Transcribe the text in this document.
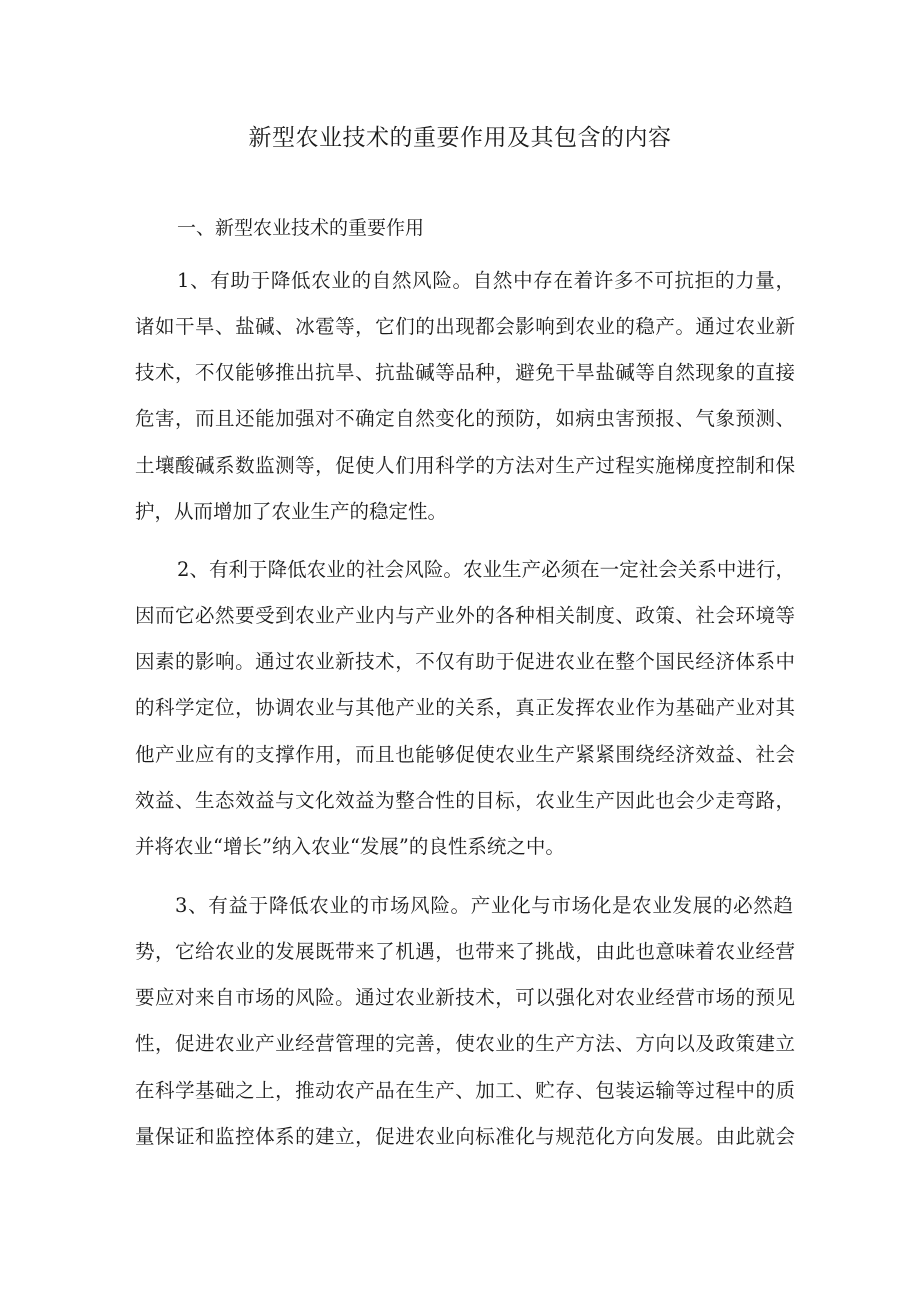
新型农业技术的重要作用及其包含的内容
一、新型农业技术的重要作用

1、有助于降低农业的自然风险。自然中存在着许多不可抗拒的力量，

诸如干旱、盐碱、冰雹等，它们的出现都会影响到农业的稳产。通过农业新

技术，不仅能够推出抗旱、抗盐碱等品种，避免干旱盐碱等自然现象的直接

危害，而且还能加强对不确定自然变化的预防，如病虫害预报、气象预测、

土壤酸碱系数监测等，促使人们用科学的方法对生产过程实施梯度控制和保

护，从而增加了农业生产的稳定性。

2、有利于降低农业的社会风险。农业生产必须在一定社会关系中进行，

因而它必然要受到农业产业内与产业外的各种相关制度、政策、社会环境等

因素的影响。通过农业新技术，不仅有助于促进农业在整个国民经济体系中

的科学定位，协调农业与其他产业的关系，真正发挥农业作为基础产业对其

他产业应有的支撑作用，而且也能够促使农业生产紧紧围绕经济效益、社会

效益、生态效益与文化效益为整合性的目标，农业生产因此也会少走弯路，

并将农业“增长”纳入农业“发展”的良性系统之中。

3、有益于降低农业的市场风险。产业化与市场化是农业发展的必然趋

势，它给农业的发展既带来了机遇，也带来了挑战，由此也意味着农业经营

要应对来自市场的风险。通过农业新技术，可以强化对农业经营市场的预见

性，促进农业产业经营管理的完善，使农业的生产方法、方向以及政策建立

在科学基础之上，推动农产品在生产、加工、贮存、包装运输等过程中的质

量保证和监控体系的建立，促进农业向标准化与规范化方向发展。由此就会
